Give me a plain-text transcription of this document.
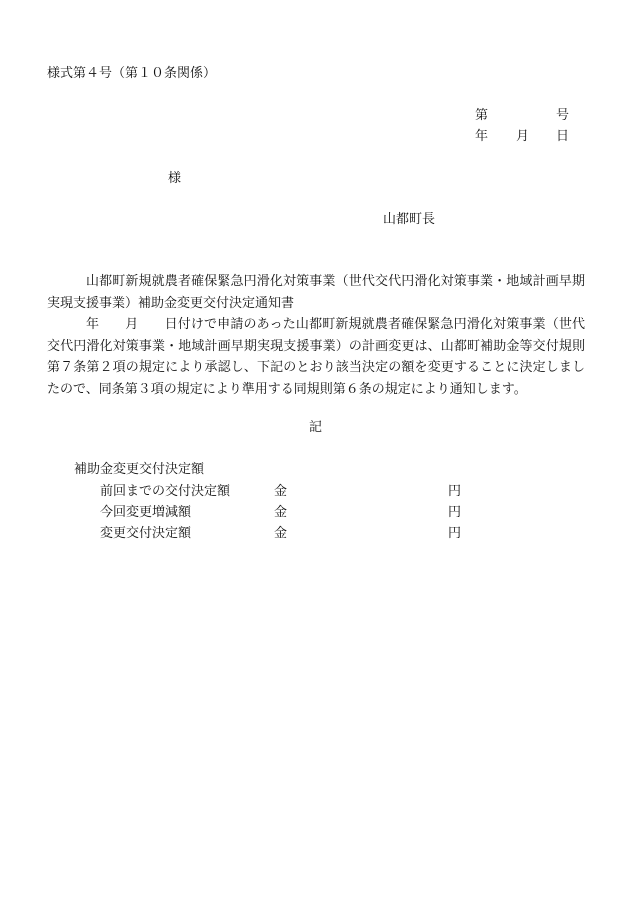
様式第４号（第１０条関係）
第	号
年 月 日
様
山都町長
山都町新規就農者確保緊急円滑化対策事業（世代交代円滑化対策事業・地域計画早期実現支援事業）補助金変更交付決定通知書
年 月 日付けで申請のあった山都町新規就農者確保緊急円滑化対策事業（世代交代円滑化対策事業・地域計画早期実現支援事業）の計画変更は、山都町補助金等交付規則第７条第２項の規定により承認し、下記のとおり該当決定の額を変更することに決定しましたので、同条第３項の規定により準用する同規則第６条の規定により通知します。
記
補助金変更交付決定額
前回までの交付決定額	金	円
今回変更増減額	金	円
変更交付決定額	金	円
